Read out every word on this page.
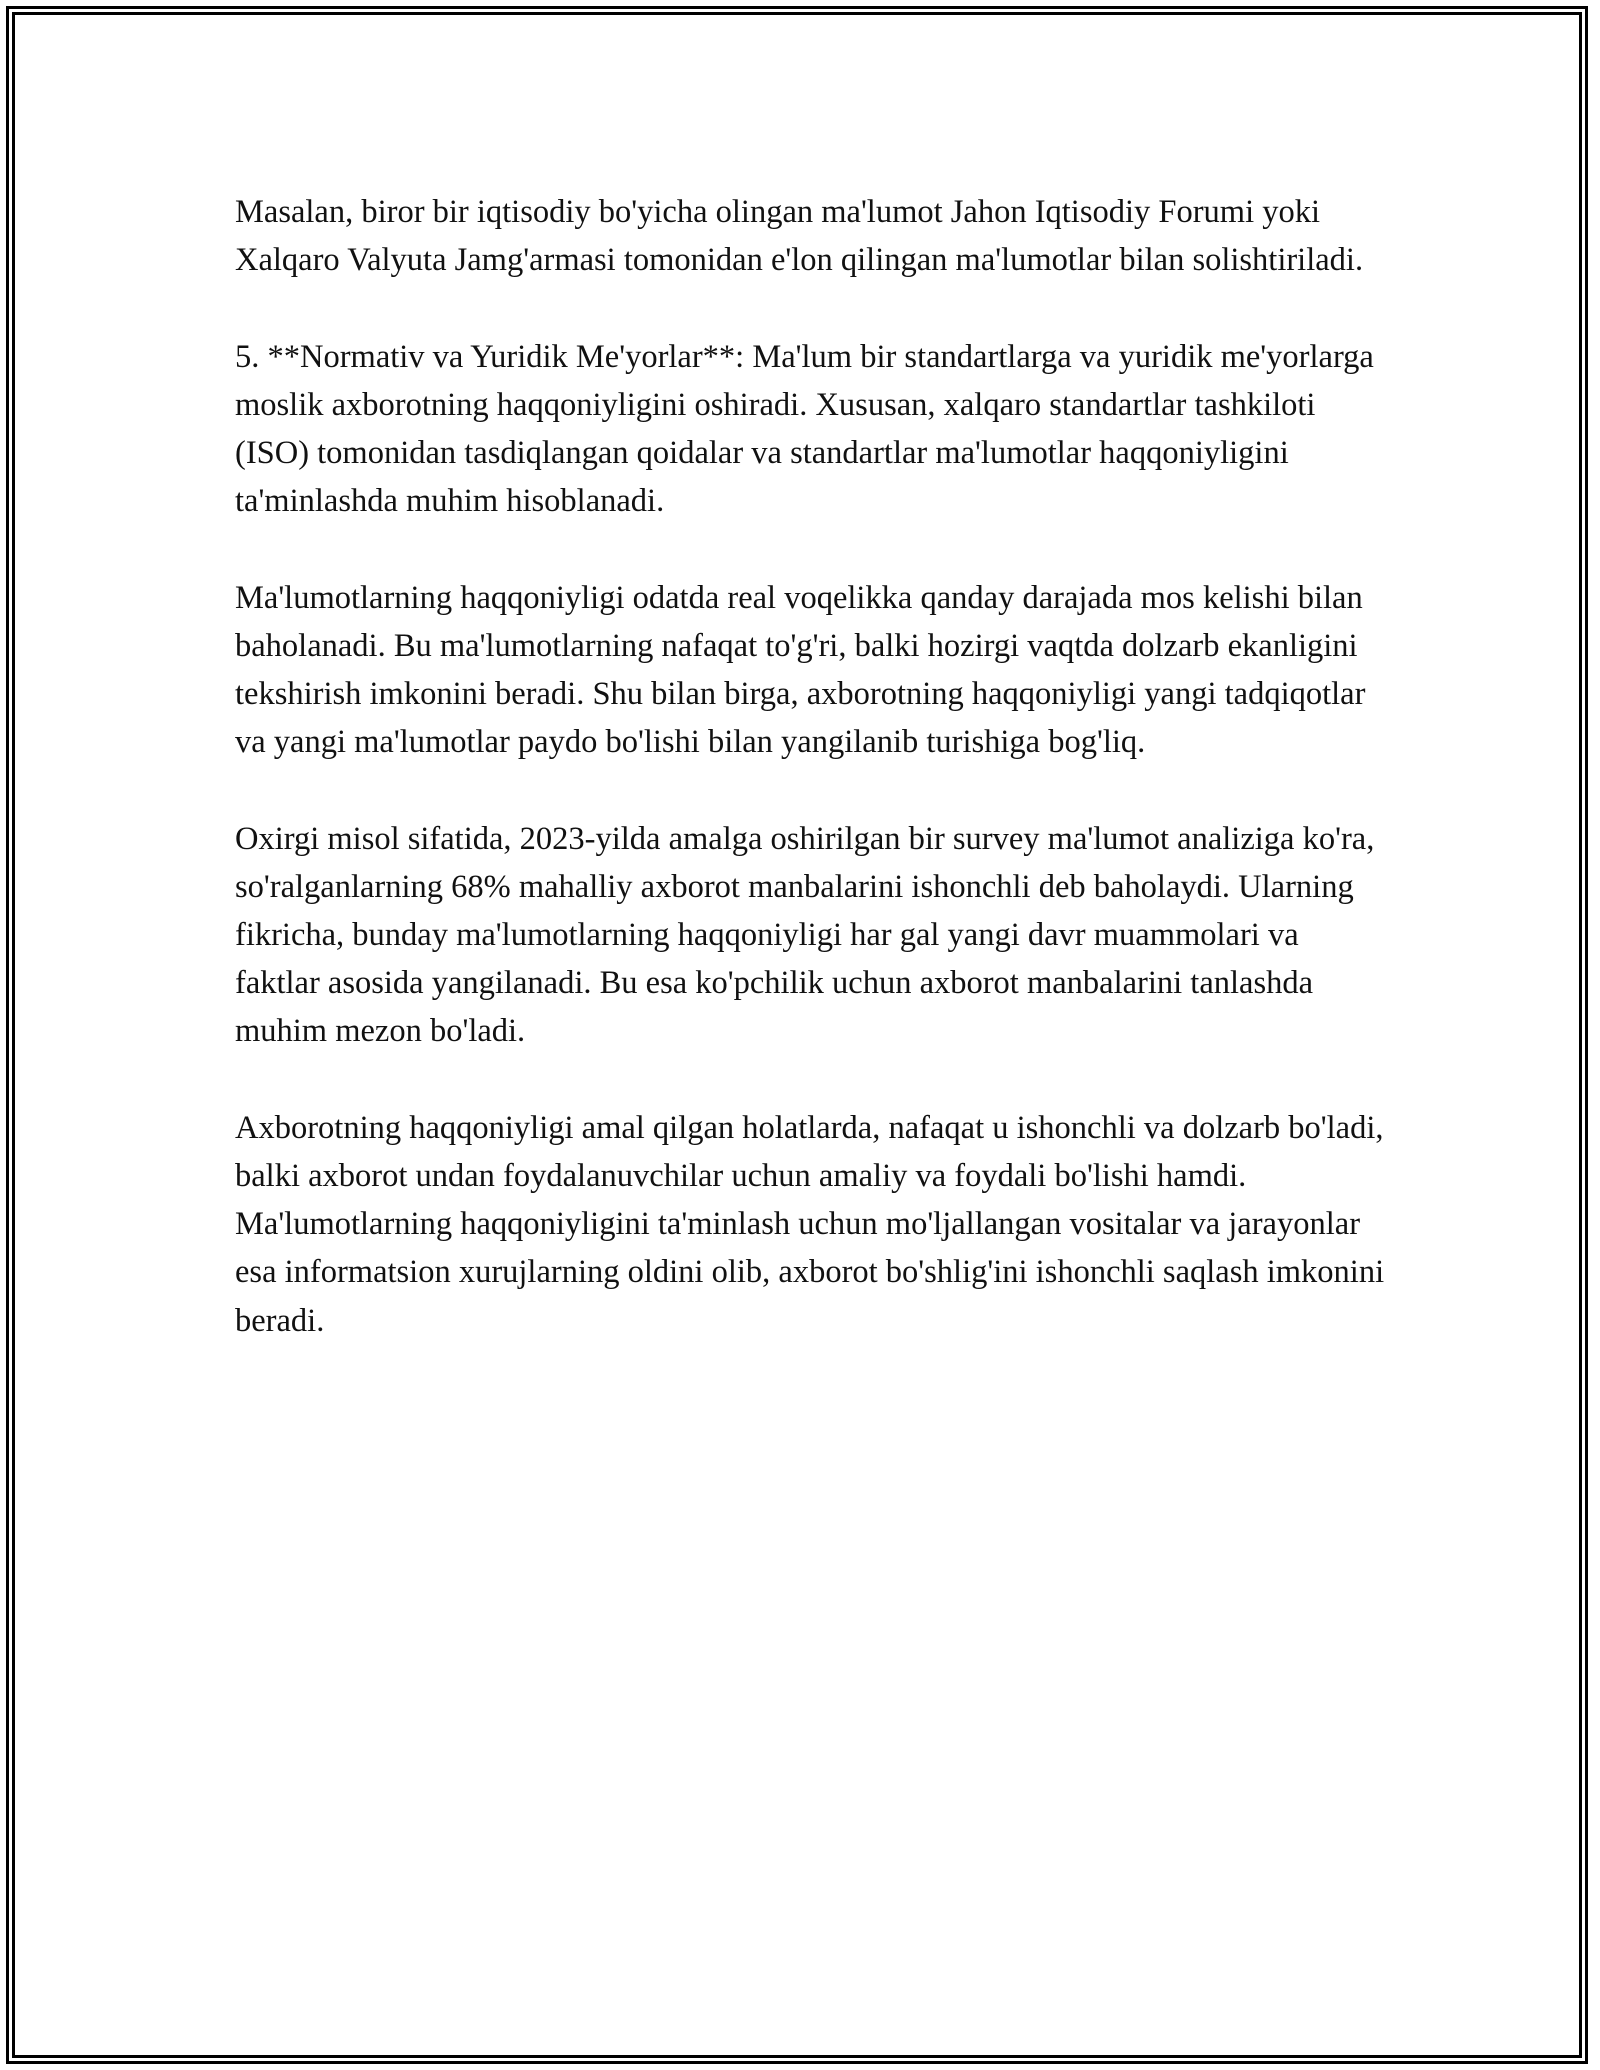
Masalan, biror bir iqtisodiy bo'yicha olingan ma'lumot Jahon Iqtisodiy Forumi yoki Xalqaro Valyuta Jamg'armasi tomonidan e'lon qilingan ma'lumotlar bilan solishtiriladi.

5. **Normativ va Yuridik Me'yorlar**: Ma'lum bir standartlarga va yuridik me'yorlarga moslik axborotning haqqoniyligini oshiradi. Xususan, xalqaro standartlar tashkiloti (ISO) tomonidan tasdiqlangan qoidalar va standartlar ma'lumotlar haqqoniyligini ta'minlashda muhim hisoblanadi.

Ma'lumotlarning haqqoniyligi odatda real voqelikka qanday darajada mos kelishi bilan baholanadi. Bu ma'lumotlarning nafaqat to'g'ri, balki hozirgi vaqtda dolzarb ekanligini tekshirish imkonini beradi. Shu bilan birga, axborotning haqqoniyligi yangi tadqiqotlar va yangi ma'lumotlar paydo bo'lishi bilan yangilanib turishiga bog'liq.

Oxirgi misol sifatida, 2023-yilda amalga oshirilgan bir survey ma'lumot analiziga ko'ra, so'ralganlarning 68% mahalliy axborot manbalarini ishonchli deb baholaydi. Ularning fikricha, bunday ma'lumotlarning haqqoniyligi har gal yangi davr muammolari va faktlar asosida yangilanadi. Bu esa ko'pchilik uchun axborot manbalarini tanlashda muhim mezon bo'ladi.

Axborotning haqqoniyligi amal qilgan holatlarda, nafaqat u ishonchli va dolzarb bo'ladi, balki axborot undan foydalanuvchilar uchun amaliy va foydali bo'lishi hamdi. Ma'lumotlarning haqqoniyligini ta'minlash uchun mo'ljallangan vositalar va jarayonlar esa informatsion xurujlarning oldini olib, axborot bo'shlig'ini ishonchli saqlash imkonini beradi.
